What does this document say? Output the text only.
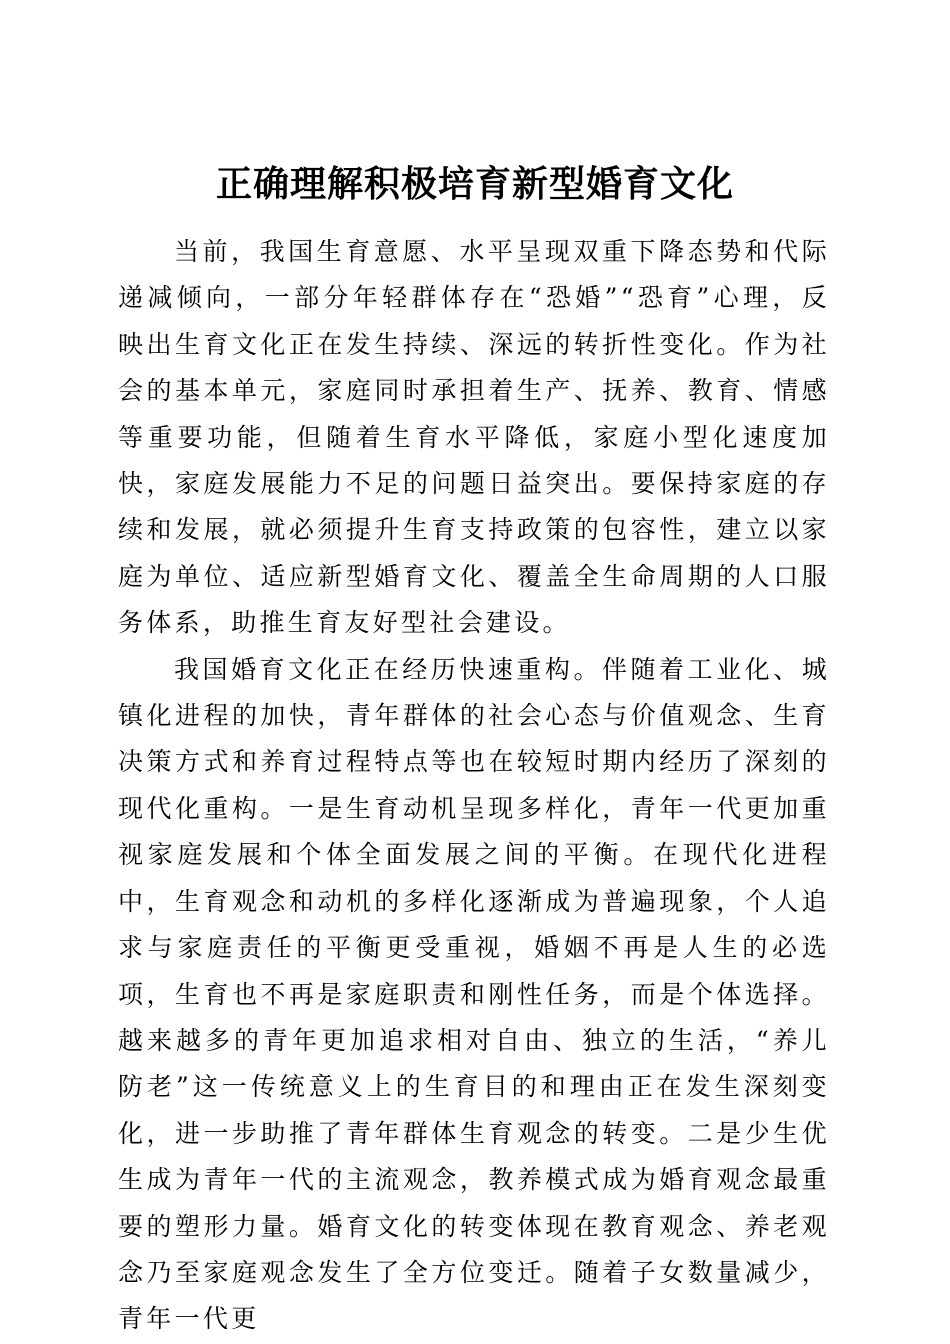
正确理解积极培育新型婚育文化

当前，我国生育意愿、水平呈现双重下降态势和代际递减倾向，一部分年轻群体存在“恐婚”“恐育”心理，反映出生育文化正在发生持续、深远的转折性变化。作为社会的基本单元，家庭同时承担着生产、抚养、教育、情感等重要功能，但随着生育水平降低，家庭小型化速度加快，家庭发展能力不足的问题日益突出。要保持家庭的存续和发展，就必须提升生育支持政策的包容性，建立以家庭为单位、适应新型婚育文化、覆盖全生命周期的人口服务体系，助推生育友好型社会建设。

我国婚育文化正在经历快速重构。伴随着工业化、城镇化进程的加快，青年群体的社会心态与价值观念、生育决策方式和养育过程特点等也在较短时期内经历了深刻的现代化重构。一是生育动机呈现多样化，青年一代更加重视家庭发展和个体全面发展之间的平衡。在现代化进程中，生育观念和动机的多样化逐渐成为普遍现象，个人追求与家庭责任的平衡更受重视，婚姻不再是人生的必选项，生育也不再是家庭职责和刚性任务，而是个体选择。越来越多的青年更加追求相对自由、独立的生活，“养儿防老”这一传统意义上的生育目的和理由正在发生深刻变化，进一步助推了青年群体生育观念的转变。二是少生优生成为青年一代的主流观念，教养模式成为婚育观念最重要的塑形力量。婚育文化的转变体现在教育观念、养老观念乃至家庭观念发生了全方位变迁。随着子女数量减少，青年一代更
